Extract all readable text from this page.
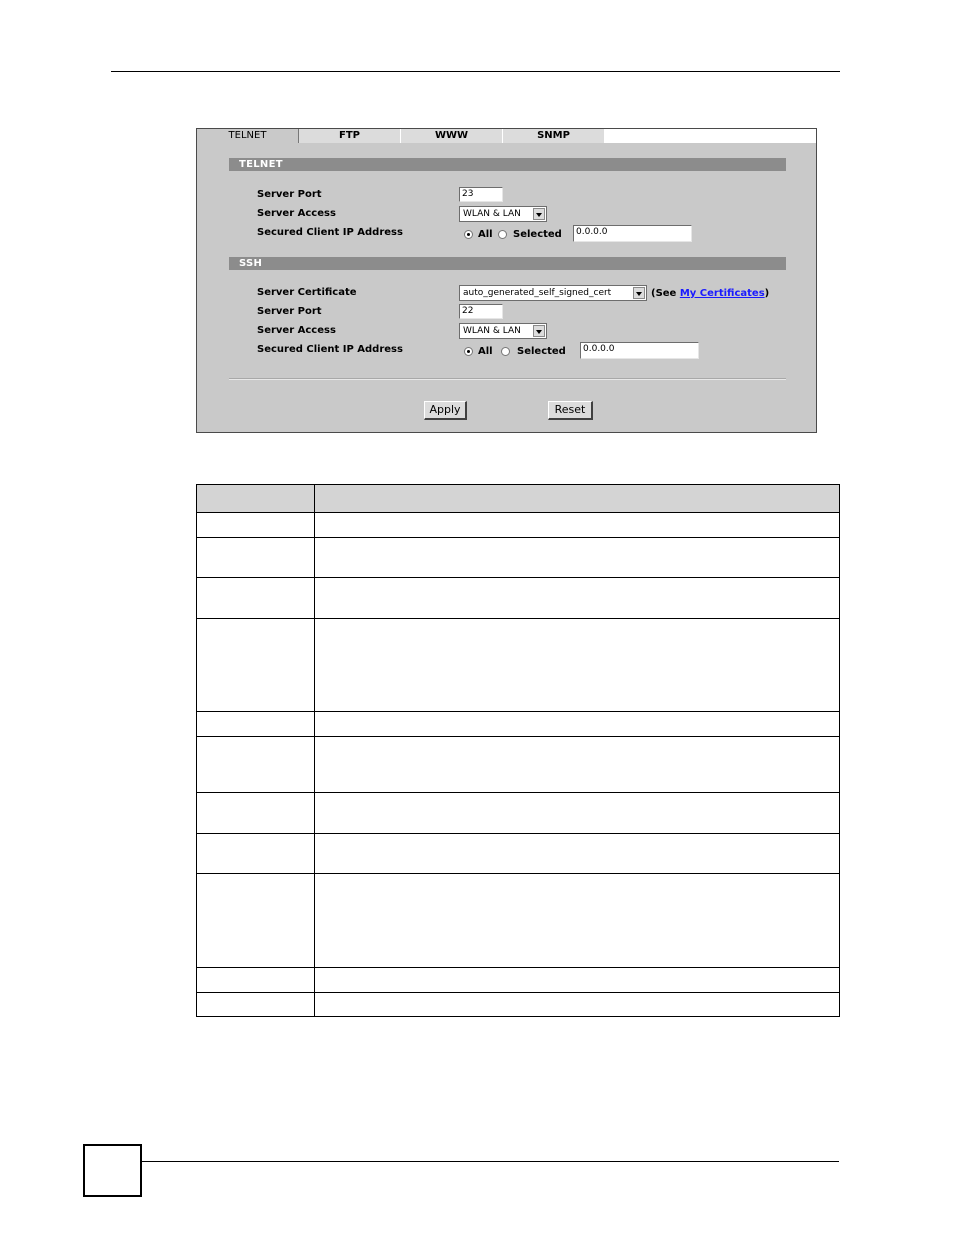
TELNET	FTP	WWW	SNMP
TELNET
Server Port	23
Server Access	WLAN & LAN
Secured Client IP Address	All Selected	0.0.0.0
SSH
Server Certificate	auto_generated_self_signed_cert	(See My Certificates)
Server Port	22
Server Access	WLAN & LAN
Secured Client IP Address	All Selected	0.0.0.0
Apply	Reset
